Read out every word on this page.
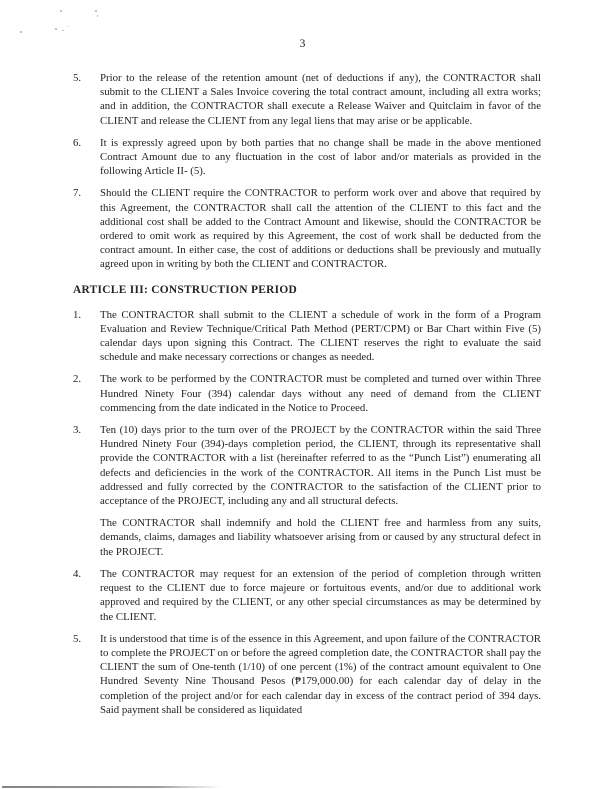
3
5.	Prior to the release of the retention amount (net of deductions if any), the CONTRACTOR shall submit to the CLIENT a Sales Invoice covering the total contract amount, including all extra works; and in addition, the CONTRACTOR shall execute a Release Waiver and Quitclaim in favor of the CLIENT and release the CLIENT from any legal liens that may arise or be applicable.
6.	It is expressly agreed upon by both parties that no change shall be made in the above mentioned Contract Amount due to any fluctuation in the cost of labor and/or materials as provided in the following Article II- (5).
7.	Should the CLIENT require the CONTRACTOR to perform work over and above that required by this Agreement, the CONTRACTOR shall call the attention of the CLIENT to this fact and the additional cost shall be added to the Contract Amount and likewise, should the CONTRACTOR be ordered to omit work as required by this Agreement, the cost of work shall be deducted from the contract amount. In either case, the cost of additions or deductions shall be previously and mutually agreed upon in writing by both the CLIENT and CONTRACTOR.
ARTICLE III: CONSTRUCTION PERIOD
1.	The CONTRACTOR shall submit to the CLIENT a schedule of work in the form of a Program Evaluation and Review Technique/Critical Path Method (PERT/CPM) or Bar Chart within Five (5) calendar days upon signing this Contract. The CLIENT reserves the right to evaluate the said schedule and make necessary corrections or changes as needed.
2.	The work to be performed by the CONTRACTOR must be completed and turned over within Three Hundred Ninety Four (394) calendar days without any need of demand from the CLIENT commencing from the date indicated in the Notice to Proceed.
3.	Ten (10) days prior to the turn over of the PROJECT by the CONTRACTOR within the said Three Hundred Ninety Four (394)-days completion period, the CLIENT, through its representative shall provide the CONTRACTOR with a list (hereinafter referred to as the “Punch List”) enumerating all defects and deficiencies in the work of the CONTRACTOR. All items in the Punch List must be addressed and fully corrected by the CONTRACTOR to the satisfaction of the CLIENT prior to acceptance of the PROJECT, including any and all structural defects.
The CONTRACTOR shall indemnify and hold the CLIENT free and harmless from any suits, demands, claims, damages and liability whatsoever arising from or caused by any structural defect in the PROJECT.
4.	The CONTRACTOR may request for an extension of the period of completion through written request to the CLIENT due to force majeure or fortuitous events, and/or due to additional work approved and required by the CLIENT, or any other special circumstances as may be determined by the CLIENT.
5.	It is understood that time is of the essence in this Agreement, and upon failure of the CONTRACTOR to complete the PROJECT on or before the agreed completion date, the CONTRACTOR shall pay the CLIENT the sum of One-tenth (1/10) of one percent (1%) of the contract amount equivalent to One Hundred Seventy Nine Thousand Pesos (₱179,000.00) for each calendar day of delay in the completion of the project and/or for each calendar day in excess of the contract period of 394 days. Said payment shall be considered as liquidated
